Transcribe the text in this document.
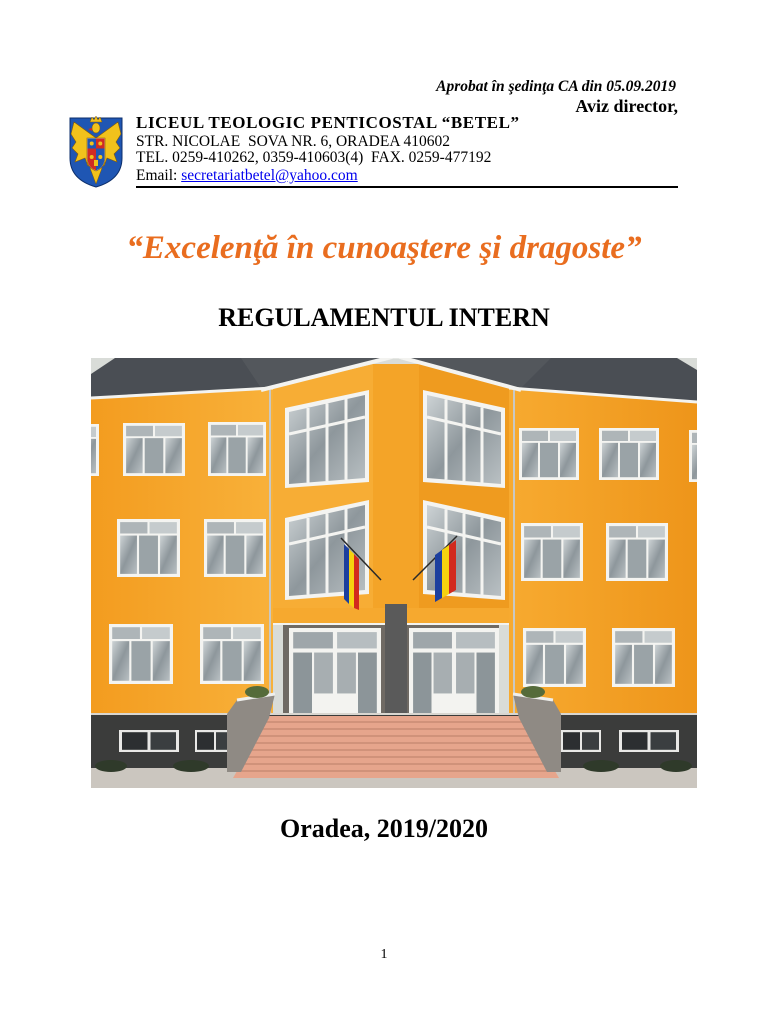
Aprobat în şedinţa CA din 05.09.2019
Aviz director,
LICEUL TEOLOGIC PENTICOSTAL “BETEL”
STR. NICOLAE  SOVA NR. 6, ORADEA 410602
TEL. 0259-410262, 0359-410603(4)  FAX. 0259-477192
Email: secretariatbetel@yahoo.com
“Excelenţă în cunoaştere şi dragoste”
REGULAMENTUL INTERN
Oradea, 2019/2020
1
